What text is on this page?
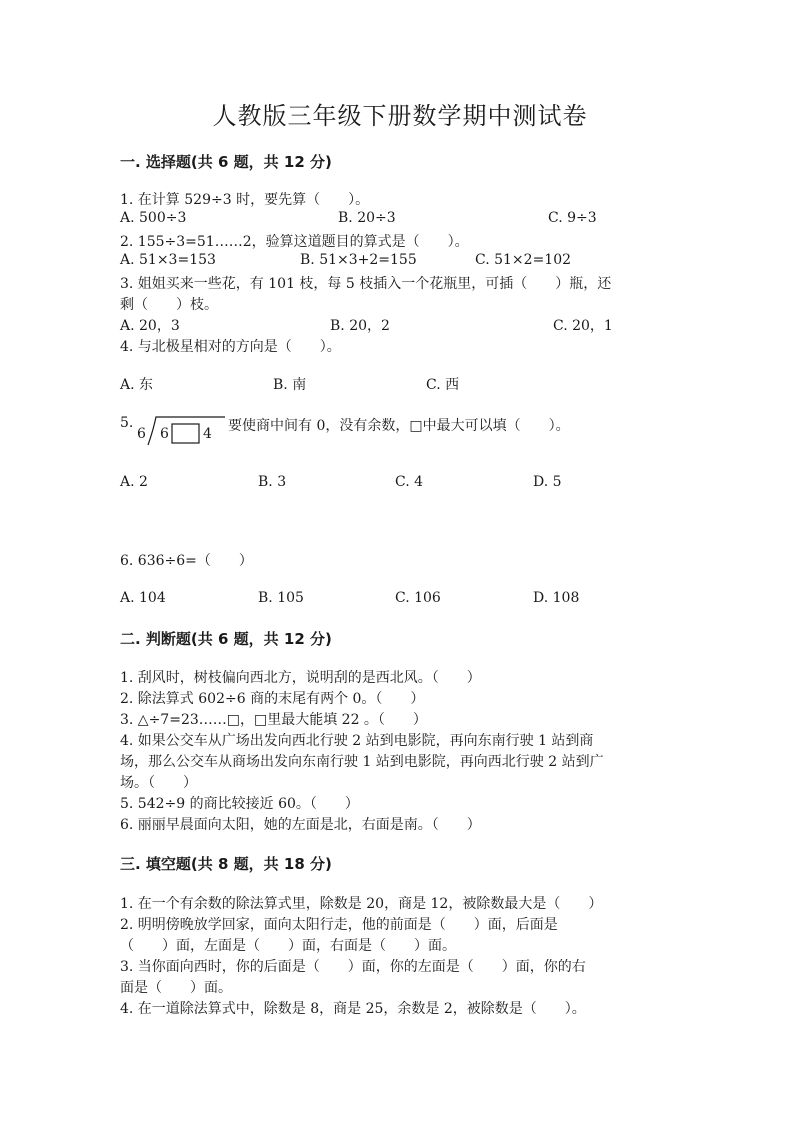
人教版三年级下册数学期中测试卷
一. 选择题(共 6 题，共 12 分)
1. 在计算 529÷3 时，要先算（　　）。
A. 500÷3	B. 20÷3	C. 9÷3
2. 155÷3=51……2，验算这道题目的算式是（　　）。
A. 51×3=153	B. 51×3+2=155	C. 51×2=102
3. 姐姐买来一些花，有 101 枝，每 5 枝插入一个花瓶里，可插（　　）瓶，还
剩（　　）枝。
A. 20，3	B. 20，2	C. 20，1
4. 与北极星相对的方向是（　　）。
A. 东	B. 南	C. 西
5.
6 6 4 要使商中间有 0，没有余数，□中最大可以填（　　）。
A. 2	B. 3	C. 4	D. 5
6. 636÷6=（　　）
A. 104	B. 105	C. 106	D. 108
二. 判断题(共 6 题，共 12 分)
1. 刮风时，树枝偏向西北方，说明刮的是西北风。（　　）
2. 除法算式 602÷6 商的末尾有两个 0。（　　）
3. △÷7=23……□，□里最大能填 22 。（　　）
4. 如果公交车从广场出发向西北行驶 2 站到电影院，再向东南行驶 1 站到商
场，那么公交车从商场出发向东南行驶 1 站到电影院，再向西北行驶 2 站到广
场。（　　）
5. 542÷9 的商比较接近 60。（　　）
6. 丽丽早晨面向太阳，她的左面是北，右面是南。（　　）
三. 填空题(共 8 题，共 18 分)
1. 在一个有余数的除法算式里，除数是 20，商是 12，被除数最大是（　　）
2. 明明傍晚放学回家，面向太阳行走，他的前面是（　　）面，后面是
（　　）面，左面是（　　）面，右面是（　　）面。
3. 当你面向西时，你的后面是（　　）面，你的左面是（　　）面，你的右
面是（　　）面。
4. 在一道除法算式中，除数是 8，商是 25，余数是 2，被除数是（　　）。
